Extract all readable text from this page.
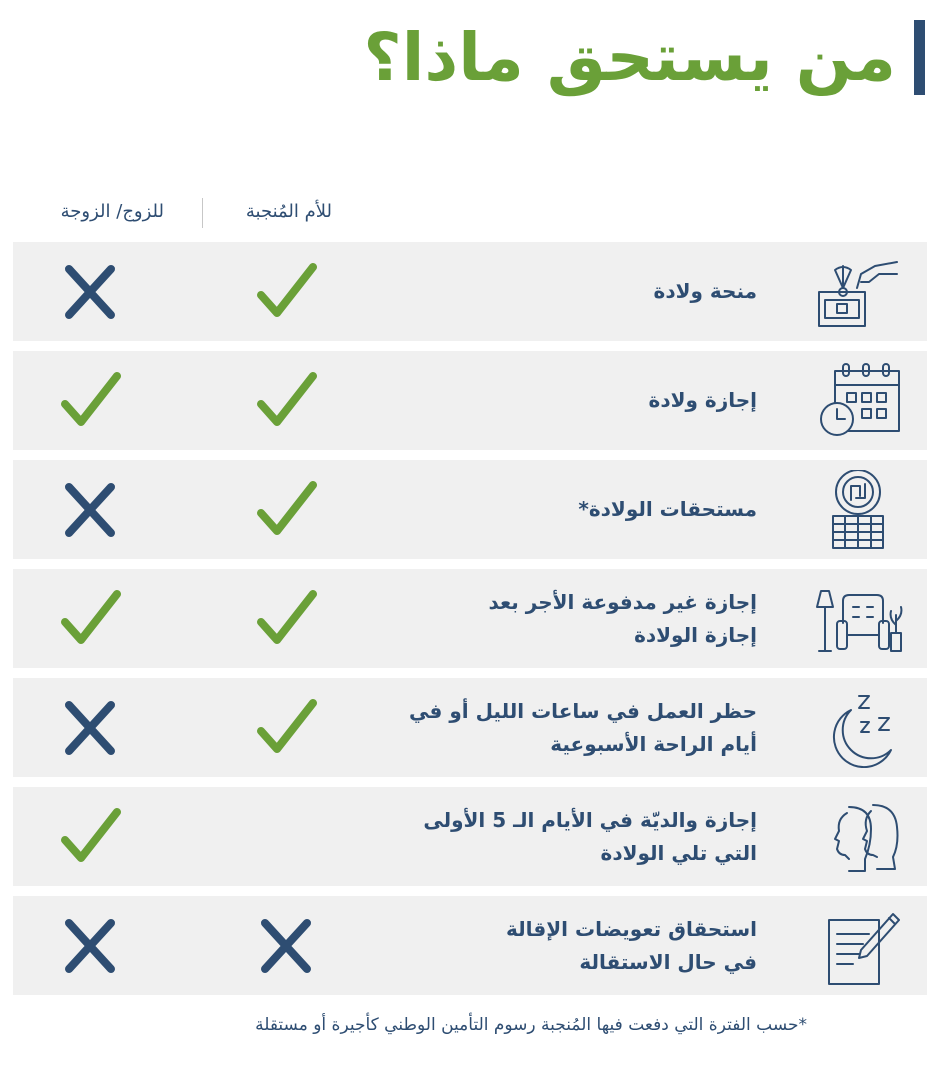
من يستحق ماذا؟
للأم المُنجبة
للزوج/ الزوجة
منحة ولادة
إجازة ولادة
مستحقات الولادة*
إجازة غير مدفوعة الأجر بعد
إجازة الولادة
حظر العمل في ساعات الليل أو في
أيام الراحة الأسبوعية
إجازة والديّة في الأيام الـ 5 الأولى
التي تلي الولادة
استحقاق تعويضات الإقالة
في حال الاستقالة
*حسب الفترة التي دفعت فيها المُنجبة رسوم التأمين الوطني كأجيرة أو مستقلة
